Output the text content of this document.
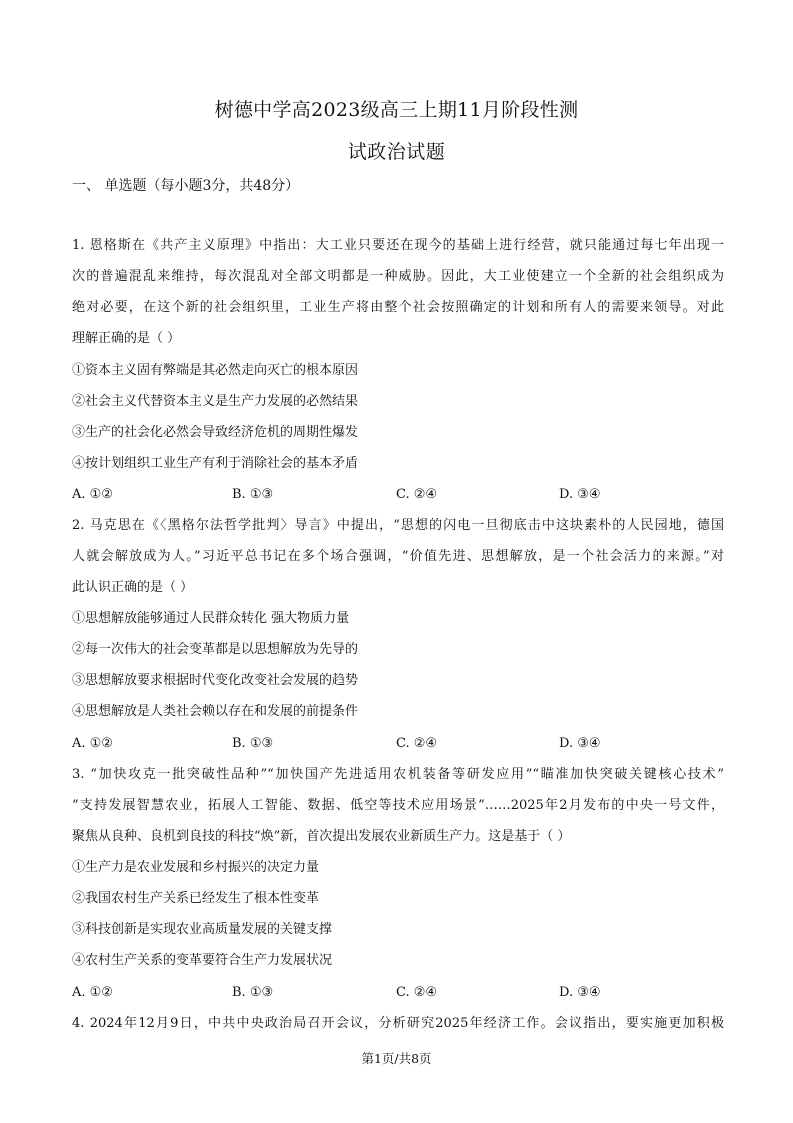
树德中学高2023级高三上期11月阶段性测
试政治试题
一、 单选题（每小题3分，共48分）
1. 恩格斯在《共产主义原理》中指出：大工业只要还在现今的基础上进行经营，就只能通过每七年出现一
次的普遍混乱来维持，每次混乱对全部文明都是一种威胁。因此，大工业使建立一个全新的社会组织成为
绝对必要，在这个新的社会组织里，工业生产将由整个社会按照确定的计划和所有人的需要来领导。对此
理解正确的是（ ）
①资本主义固有弊端是其必然走向灭亡的根本原因
②社会主义代替资本主义是生产力发展的必然结果
③生产的社会化必然会导致经济危机的周期性爆发
④按计划组织工业生产有利于消除社会的基本矛盾
A. ①②	B. ①③	C. ②④	D. ③④
2. 马克思在《〈黑格尔法哲学批判〉导言》中提出，“思想的闪电一旦彻底击中这块素朴的人民园地，德国
人就会解放成为人。”习近平总书记在多个场合强调，“价值先进、思想解放，是一个社会活力的来源。”对
此认识正确的是（ ）
①思想解放能够通过人民群众转化 强大物质力量
②每一次伟大的社会变革都是以思想解放为先导的
③思想解放要求根据时代变化改变社会发展的趋势
④思想解放是人类社会赖以存在和发展的前提条件
A. ①②	B. ①③	C. ②④	D. ③④
3. “加快攻克一批突破性品种”“加快国产先进适用农机装备等研发应用”“瞄准加快突破关键核心技术”
“支持发展智慧农业，拓展人工智能、数据、低空等技术应用场景”……2025年2月发布的中央一号文件，
聚焦从良种、良机到良技的科技“焕”新，首次提出发展农业新质生产力。这是基于（ ）
①生产力是农业发展和乡村振兴的决定力量
②我国农村生产关系已经发生了根本性变革
③科技创新是实现农业高质量发展的关键支撑
④农村生产关系的变革要符合生产力发展状况
A. ①②	B. ①③	C. ②④	D. ③④
4. 2024年12月9日，中共中央政治局召开会议，分析研究2025年经济工作。会议指出，要实施更加积极
第1页/共8页
